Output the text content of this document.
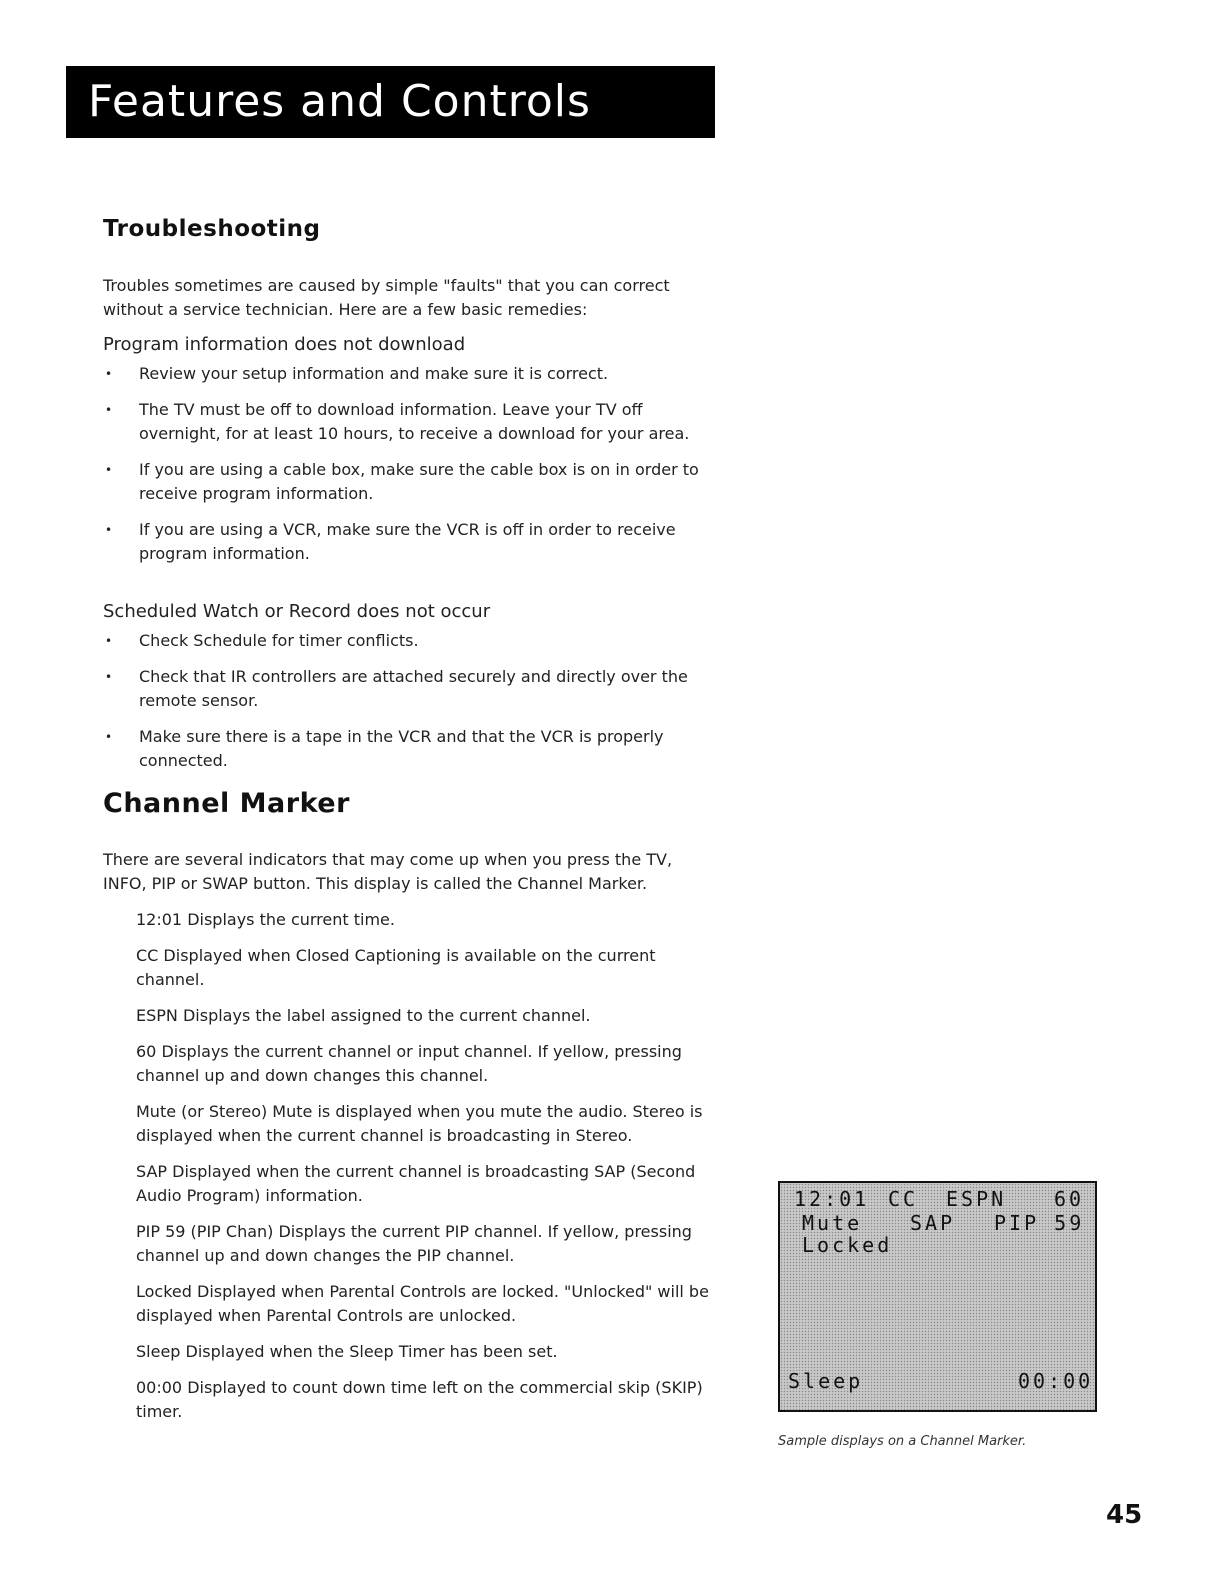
Features and Controls
Troubleshooting
Troubles sometimes are caused by simple "faults" that you can correct without a service technician. Here are a few basic remedies:
Program information does not download
• Review your setup information and make sure it is correct.
• The TV must be off to download information. Leave your TV off overnight, for at least 10 hours, to receive a download for your area.
• If you are using a cable box, make sure the cable box is on in order to receive program information.
• If you are using a VCR, make sure the VCR is off in order to receive program information.
Scheduled Watch or Record does not occur
• Check Schedule for timer conflicts.
• Check that IR controllers are attached securely and directly over the remote sensor.
• Make sure there is a tape in the VCR and that the VCR is properly connected.
Channel Marker
There are several indicators that may come up when you press the TV, INFO, PIP or SWAP button. This display is called the Channel Marker.
12:01 Displays the current time.
CC Displayed when Closed Captioning is available on the current channel.
ESPN Displays the label assigned to the current channel.
60 Displays the current channel or input channel. If yellow, pressing channel up and down changes this channel.
Mute (or Stereo) Mute is displayed when you mute the audio. Stereo is displayed when the current channel is broadcasting in Stereo.
SAP Displayed when the current channel is broadcasting SAP (Second Audio Program) information.
PIP 59 (PIP Chan) Displays the current PIP channel. If yellow, pressing channel up and down changes the PIP channel.
Locked Displayed when Parental Controls are locked. "Unlocked" will be displayed when Parental Controls are unlocked.
Sleep Displayed when the Sleep Timer has been set.
00:00 Displayed to count down time left on the commercial skip (SKIP) timer.
12:01 CC ESPN 60
Mute SAP PIP 59
Locked
Sleep	00:00
Sample displays on a Channel Marker.
45
